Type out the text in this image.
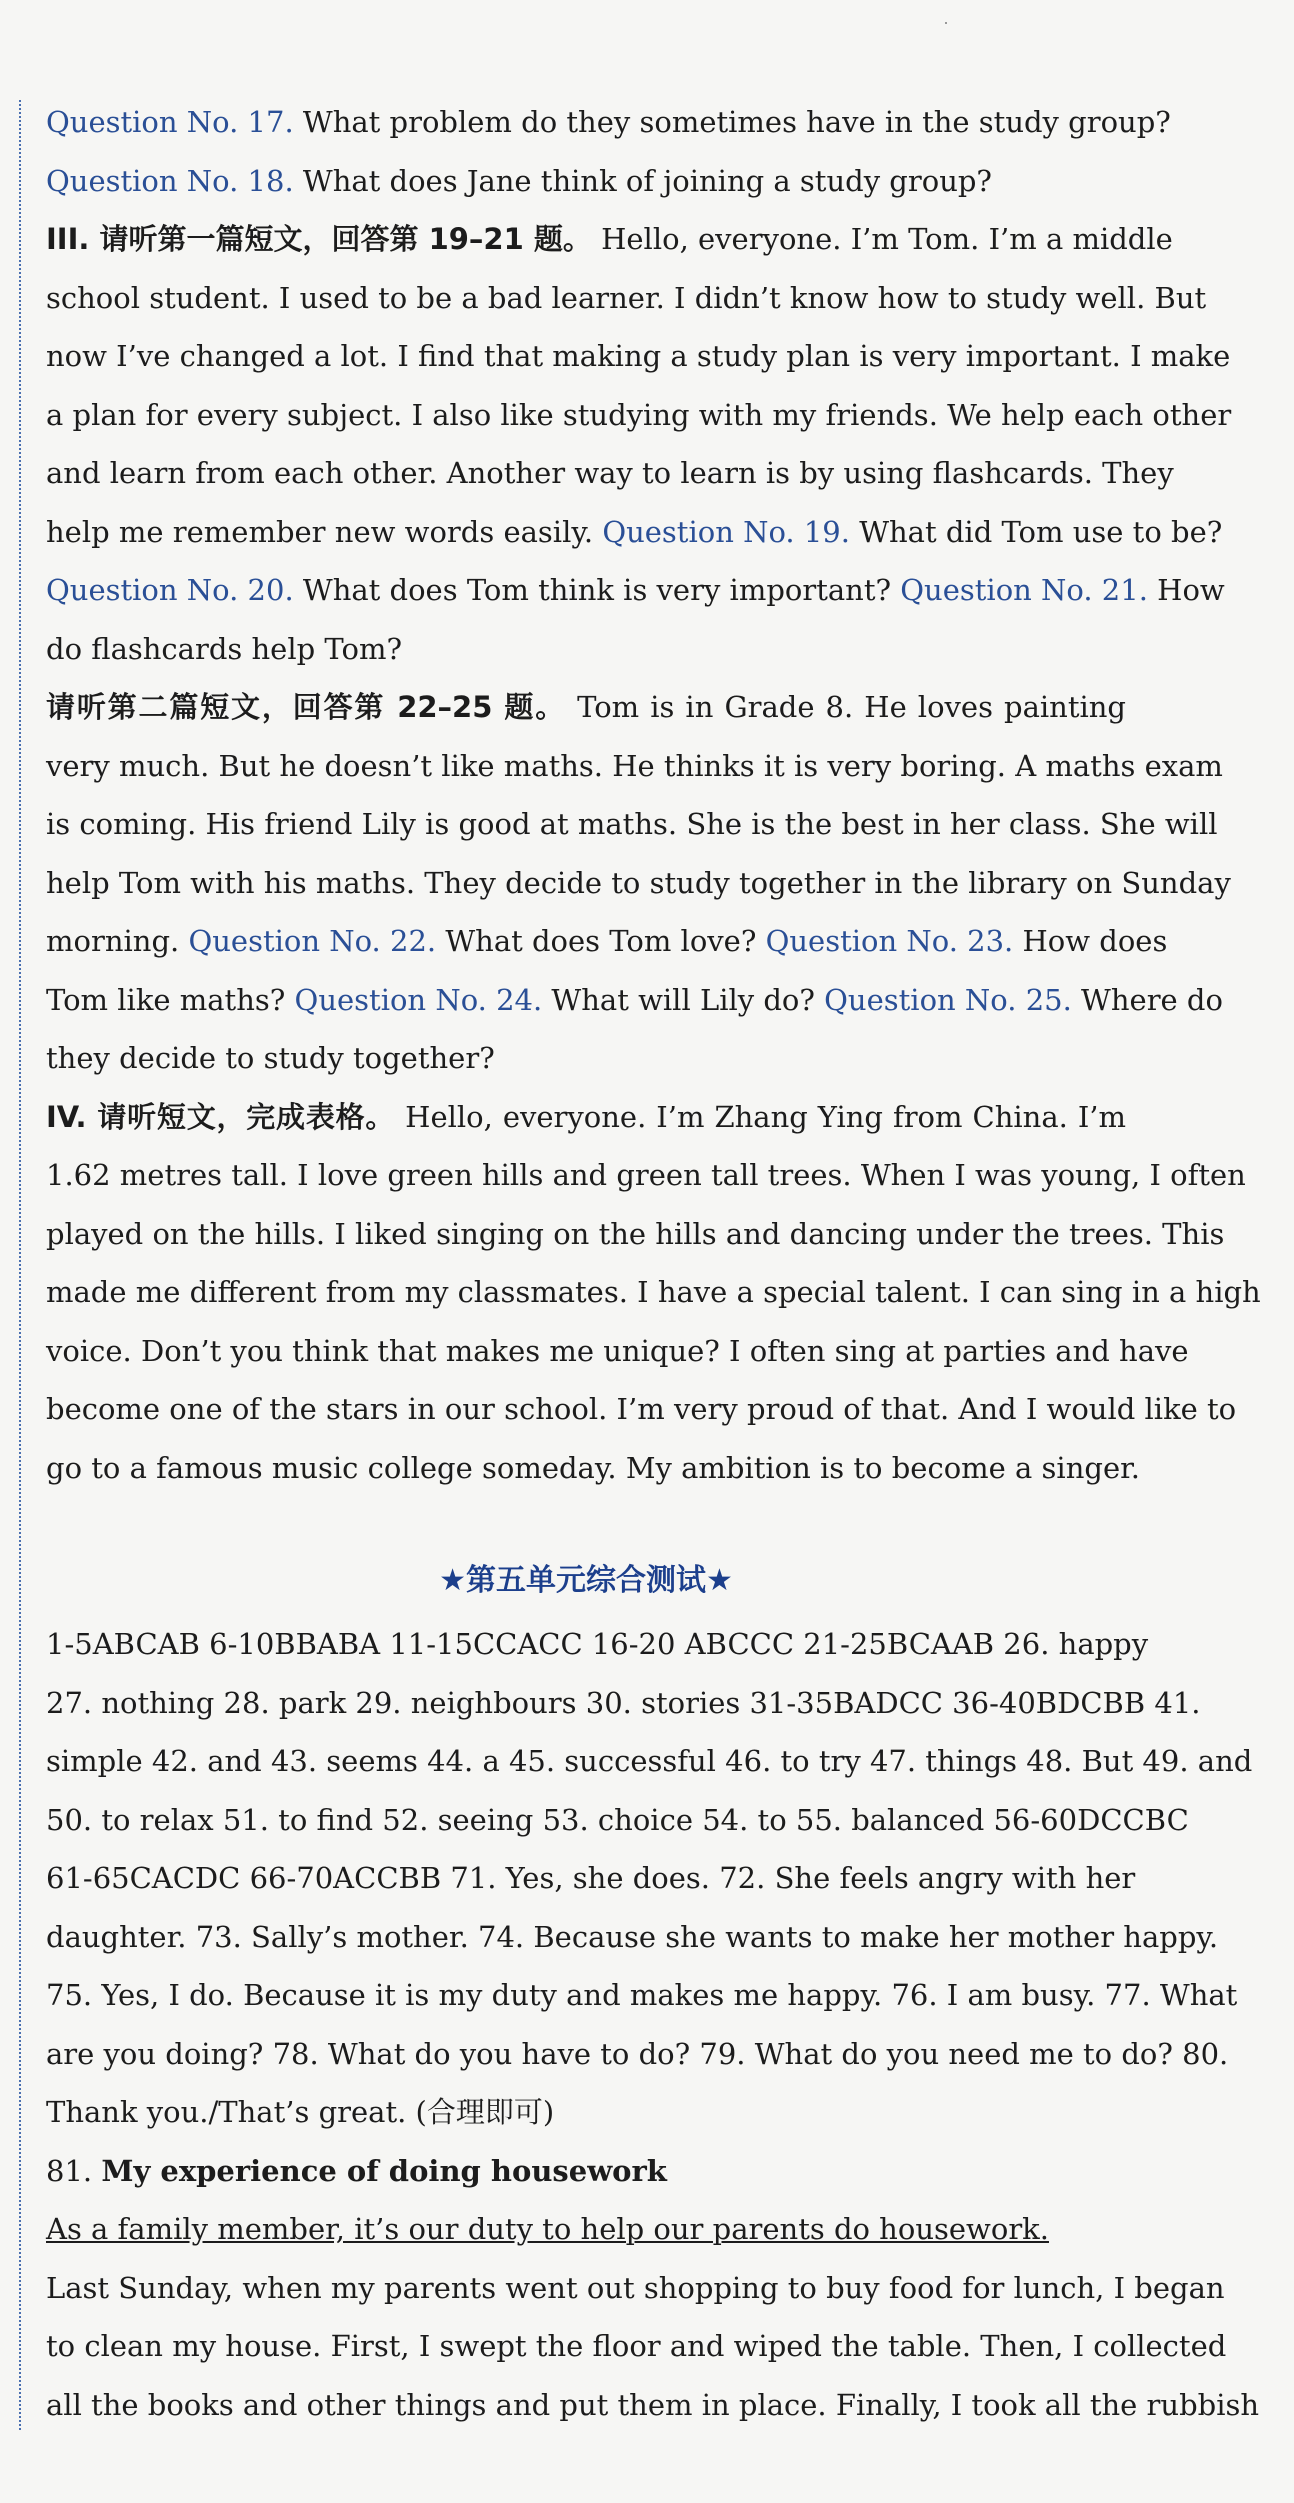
Question No. 17. What problem do they sometimes have in the study group?
Question No. 18. What does Jane think of joining a study group?
III. 请听第一篇短文，回答第 19–21 题。 Hello, everyone. I’m Tom. I’m a middle
school student. I used to be a bad learner. I didn’t know how to study well. But
now I’ve changed a lot. I find that making a study plan is very important. I make
a plan for every subject. I also like studying with my friends. We help each other
and learn from each other. Another way to learn is by using flashcards. They
help me remember new words easily. Question No. 19. What did Tom use to be?
Question No. 20. What does Tom think is very important? Question No. 21. How
do flashcards help Tom?
请听第二篇短文，回答第 22–25 题。 Tom is in Grade 8. He loves painting
very much. But he doesn’t like maths. He thinks it is very boring. A maths exam
is coming. His friend Lily is good at maths. She is the best in her class. She will
help Tom with his maths. They decide to study together in the library on Sunday
morning. Question No. 22. What does Tom love? Question No. 23. How does
Tom like maths? Question No. 24. What will Lily do? Question No. 25. Where do
they decide to study together?
IV. 请听短文，完成表格。 Hello, everyone. I’m Zhang Ying from China. I’m
1.62 metres tall. I love green hills and green tall trees. When I was young, I often
played on the hills. I liked singing on the hills and dancing under the trees. This
made me different from my classmates. I have a special talent. I can sing in a high
voice. Don’t you think that makes me unique? I often sing at parties and have
become one of the stars in our school. I’m very proud of that. And I would like to
go to a famous music college someday. My ambition is to become a singer.
★第五单元综合测试★
1-5ABCAB 6-10BBABA 11-15CCACC 16-20 ABCCC 21-25BCAAB 26. happy
27. nothing 28. park 29. neighbours 30. stories 31-35BADCC 36-40BDCBB 41.
simple 42. and 43. seems 44. a 45. successful 46. to try 47. things 48. But 49. and
50. to relax 51. to find 52. seeing 53. choice 54. to 55. balanced 56-60DCCBC
61-65CACDC 66-70ACCBB 71. Yes, she does. 72. She feels angry with her
daughter. 73. Sally’s mother. 74. Because she wants to make her mother happy.
75. Yes, I do. Because it is my duty and makes me happy. 76. I am busy. 77. What
are you doing? 78. What do you have to do? 79. What do you need me to do? 80.
Thank you./That’s great. (合理即可)
81. My experience of doing housework
As a family member, it’s our duty to help our parents do housework.
Last Sunday, when my parents went out shopping to buy food for lunch, I began
to clean my house. First, I swept the floor and wiped the table. Then, I collected
all the books and other things and put them in place. Finally, I took all the rubbish
